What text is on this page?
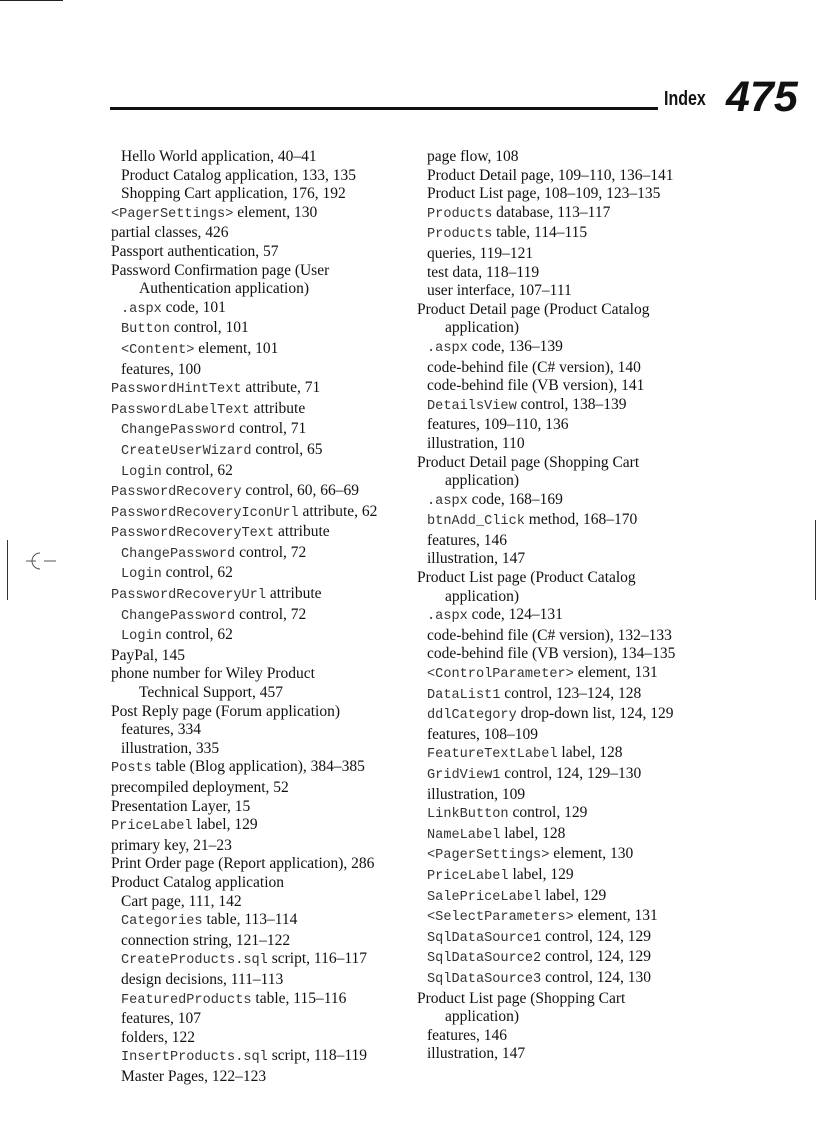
Index 475
Hello World application, 40–41
Product Catalog application, 133, 135
Shopping Cart application, 176, 192
<PagerSettings> element, 130
partial classes, 426
Passport authentication, 57
Password Confirmation page (User
Authentication application)
.aspx code, 101
Button control, 101
<Content> element, 101
features, 100
PasswordHintText attribute, 71
PasswordLabelText attribute
ChangePassword control, 71
CreateUserWizard control, 65
Login control, 62
PasswordRecovery control, 60, 66–69
PasswordRecoveryIconUrl attribute, 62
PasswordRecoveryText attribute
ChangePassword control, 72
Login control, 62
PasswordRecoveryUrl attribute
ChangePassword control, 72
Login control, 62
PayPal, 145
phone number for Wiley Product
Technical Support, 457
Post Reply page (Forum application)
features, 334
illustration, 335
Posts table (Blog application), 384–385
precompiled deployment, 52
Presentation Layer, 15
PriceLabel label, 129
primary key, 21–23
Print Order page (Report application), 286
Product Catalog application
Cart page, 111, 142
Categories table, 113–114
connection string, 121–122
CreateProducts.sql script, 116–117
design decisions, 111–113
FeaturedProducts table, 115–116
features, 107
folders, 122
InsertProducts.sql script, 118–119
Master Pages, 122–123
page flow, 108
Product Detail page, 109–110, 136–141
Product List page, 108–109, 123–135
Products database, 113–117
Products table, 114–115
queries, 119–121
test data, 118–119
user interface, 107–111
Product Detail page (Product Catalog
application)
.aspx code, 136–139
code-behind file (C# version), 140
code-behind file (VB version), 141
DetailsView control, 138–139
features, 109–110, 136
illustration, 110
Product Detail page (Shopping Cart
application)
.aspx code, 168–169
btnAdd_Click method, 168–170
features, 146
illustration, 147
Product List page (Product Catalog
application)
.aspx code, 124–131
code-behind file (C# version), 132–133
code-behind file (VB version), 134–135
<ControlParameter> element, 131
DataList1 control, 123–124, 128
ddlCategory drop-down list, 124, 129
features, 108–109
FeatureTextLabel label, 128
GridView1 control, 124, 129–130
illustration, 109
LinkButton control, 129
NameLabel label, 128
<PagerSettings> element, 130
PriceLabel label, 129
SalePriceLabel label, 129
<SelectParameters> element, 131
SqlDataSource1 control, 124, 129
SqlDataSource2 control, 124, 129
SqlDataSource3 control, 124, 130
Product List page (Shopping Cart
application)
features, 146
illustration, 147
